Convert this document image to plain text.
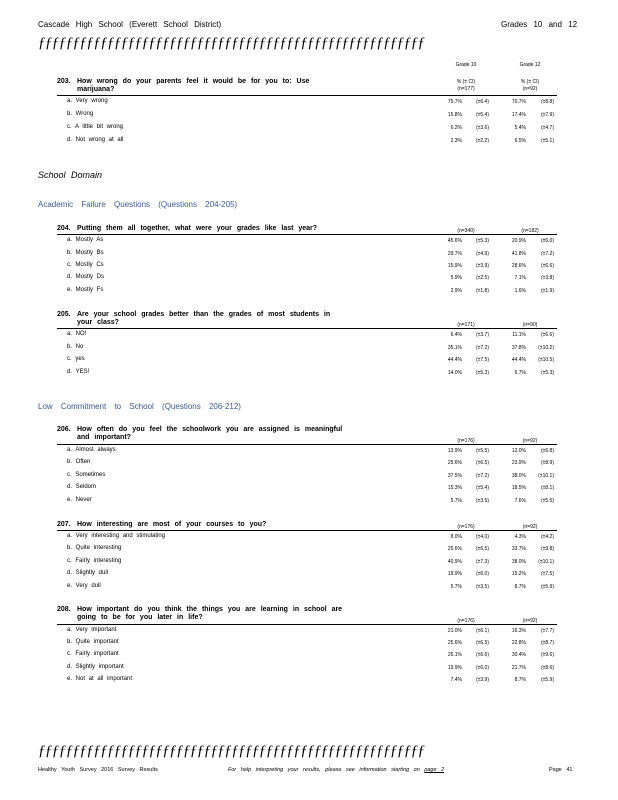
Cascade High School (Everett School District)	Grades 10 and 12
ƒƒƒƒƒƒƒƒƒƒƒƒƒƒƒƒƒƒƒƒƒƒƒƒƒƒƒƒƒƒƒƒƒƒƒƒƒƒƒƒƒƒƒƒƒƒƒƒƒƒƒƒƒƒƒƒ
Grade 10	Grade 12
% (± CI)	% (± CI)
(n=177)	(n=92)
203. How wrong do your parents feel it would be for you to: Use
marijuana?
a. Very wrong	75.7%	(±6.4)	70.7%	(±8.8)
b. Wrong	15.8%	(±5.4)	17.4%	(±7.9)
c. A little bit wrong	6.2%	(±3.6)	5.4%	(±4.7)
d. Not wrong at all	2.3%	(±2.2)	6.5%	(±5.1)
School Domain
Academic Failure Questions (Questions 204-205)
204. Putting them all together, what were your grades like last year?	(n=340)	(n=182)
a. Mostly As	45.6%	(±5.3)	20.9%	(±6.0)
b. Mostly Bs	29.7%	(±4.9)	41.8%	(±7.2)
c. Mostly Cs	15.9%	(±3.9)	28.6%	(±6.6)
d. Mostly Ds	5.9%	(±2.5)	7.1%	(±3.8)
e. Mostly Fs	2.9%	(±1.8)	1.6%	(±1.9)
205. Are your school grades better than the grades of most students in
your class?	(n=171)	(n=90)
a. NO!	6.4%	(±3.7)	11.1%	(±6.6)
b. No	35.1%	(±7.2)	37.8%	(±10.2)
c. yes	44.4%	(±7.5)	44.4%	(±10.5)
d. YES!	14.0%	(±5.3)	6.7%	(±5.3)
Low Commitment to School (Questions 206-212)
206. How often do you feel the schoolwork you are assigned is meaningful
and important?	(n=176)	(n=92)
a. Almost always	13.9%	(±5.5)	12.0%	(±6.8)
b. Often	25.6%	(±6.5)	23.9%	(±8.9)
c. Sometimes	37.5%	(±7.2)	38.0%	(±10.1)
d. Seldom	15.3%	(±5.4)	18.5%	(±8.1)
e. Never	5.7%	(±3.5)	7.6%	(±5.5)
207. How interesting are most of your courses to you?	(n=176)	(n=92)
a. Very interesting and stimulating	8.0%	(±4.0)	4.3%	(±4.2)
b. Quite interesting	25.6%	(±6.5)	33.7%	(±9.8)
c. Fairly interesting	40.9%	(±7.3)	38.0%	(±10.1)
d. Slightly dull	19.9%	(±6.0)	15.2%	(±7.5)
e. Very dull	5.7%	(±3.5)	8.7%	(±5.9)
208. How important do you think the things you are learning in school are
going to be for you later in life?	(n=176)	(n=92)
a. Very important	21.0%	(±6.1)	16.3%	(±7.7)
b. Quite important	25.6%	(±6.5)	22.8%	(±8.7)
c. Fairly important	26.1%	(±6.6)	30.4%	(±9.6)
d. Slightly important	19.9%	(±6.0)	21.7%	(±8.6)
e. Not at all important	7.4%	(±3.9)	8.7%	(±5.9)
ƒƒƒƒƒƒƒƒƒƒƒƒƒƒƒƒƒƒƒƒƒƒƒƒƒƒƒƒƒƒƒƒƒƒƒƒƒƒƒƒƒƒƒƒƒƒƒƒƒƒƒƒƒƒƒƒ
Healthy Youth Survey 2016 Survey Results	For help interpreting your results, please see information starting on page 2	Page 41
